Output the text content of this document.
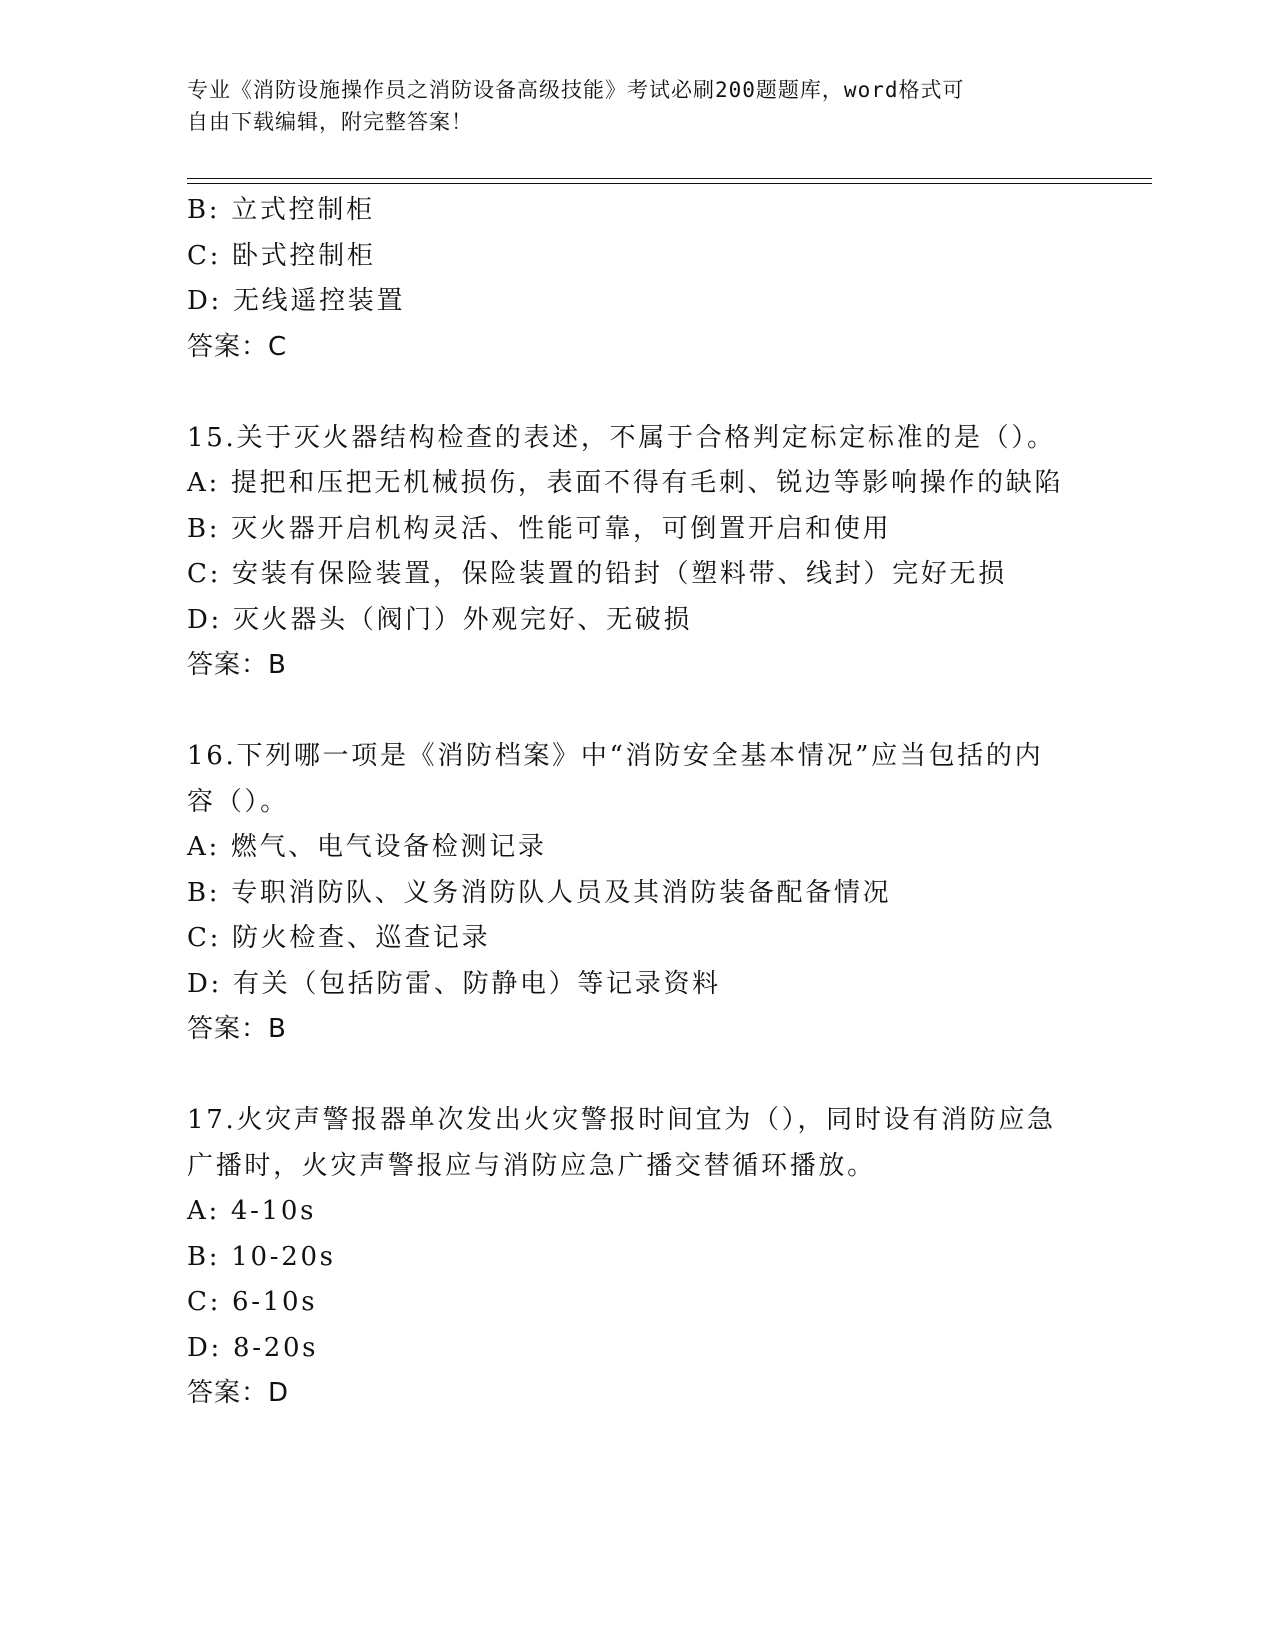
专业《消防设施操作员之消防设备高级技能》考试必刷200题题库，word格式可
自由下载编辑，附完整答案！
B: 立式控制柜
C: 卧式控制柜
D: 无线遥控装置
答案：C
15.关于灭火器结构检查的表述，不属于合格判定标定标准的是（）。
A: 提把和压把无机械损伤，表面不得有毛刺、锐边等影响操作的缺陷
B: 灭火器开启机构灵活、性能可靠，可倒置开启和使用
C: 安装有保险装置，保险装置的铅封（塑料带、线封）完好无损
D: 灭火器头（阀门）外观完好、无破损
答案：B
16.下列哪一项是《消防档案》中“消防安全基本情况”应当包括的内
容（）。
A: 燃气、电气设备检测记录
B: 专职消防队、义务消防队人员及其消防装备配备情况
C: 防火检查、巡查记录
D: 有关（包括防雷、防静电）等记录资料
答案：B
17.火灾声警报器单次发出火灾警报时间宜为（），同时设有消防应急
广播时，火灾声警报应与消防应急广播交替循环播放。
A: 4-10s
B: 10-20s
C: 6-10s
D: 8-20s
答案：D
